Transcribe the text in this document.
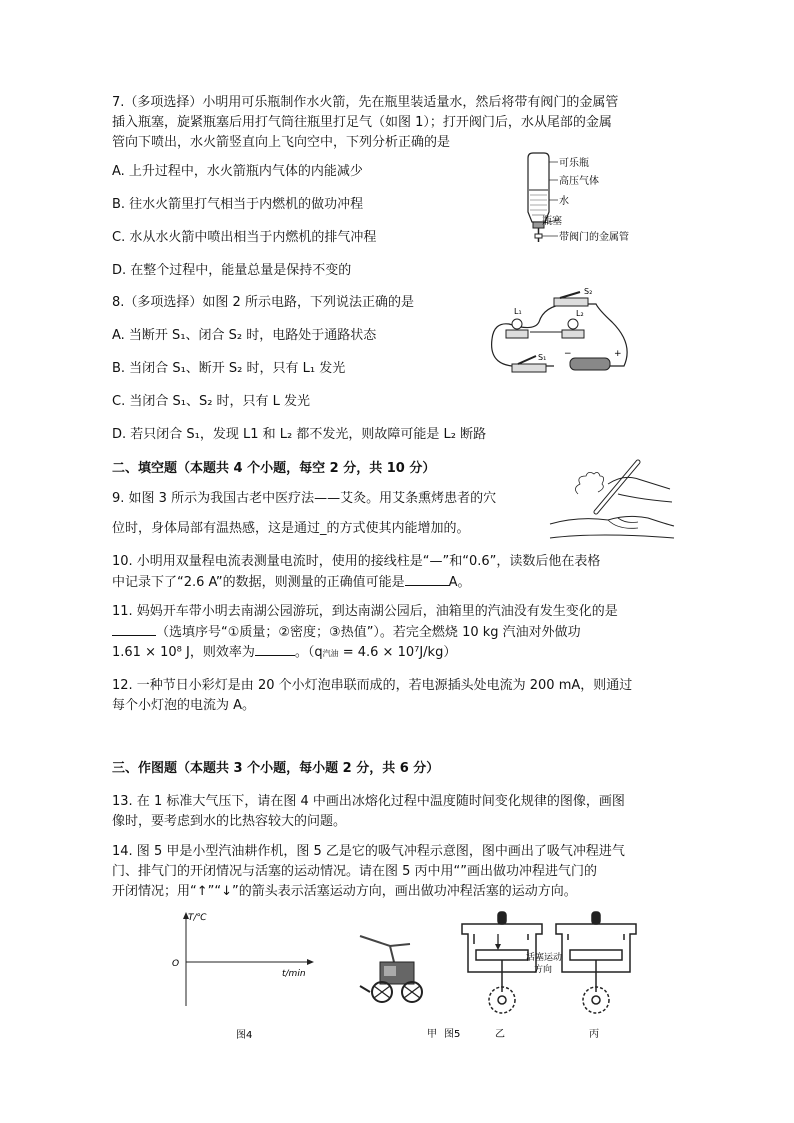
7.（多项选择）小明用可乐瓶制作水火箭，先在瓶里装适量水，然后将带有阀门的金属管
插入瓶塞，旋紧瓶塞后用打气筒往瓶里打足气（如图 1）；打开阀门后，水从尾部的金属
管向下喷出，水火箭竖直向上飞向空中，下列分析正确的是
A. 上升过程中，水火箭瓶内气体的内能减少
B. 往水火箭里打气相当于内燃机的做功冲程
C. 水从水火箭中喷出相当于内燃机的排气冲程
D. 在整个过程中，能量总量是保持不变的
可乐瓶
高压气体
水
瓶塞
带阀门的金属管
8.（多项选择）如图 2 所示电路，下列说法正确的是
A. 当断开 S₁、闭合 S₂ 时，电路处于通路状态
B. 当闭合 S₁、断开 S₂ 时，只有 L₁ 发光
C. 当闭合 S₁、S₂ 时，只有 L 发光
D. 若只闭合 S₁，发现 L1 和 L₂ 都不发光，则故障可能是 L₂ 断路
S₂
L₁	L₂
S₁ −	+
二、填空题（本题共 4 个小题，每空 2 分，共 10 分）
9. 如图 3 所示为我国古老中医疗法——艾灸。用艾条熏烤患者的穴
位时，身体局部有温热感，这是通过_的方式使其内能增加的。
10. 小明用双量程电流表测量电流时，使用的接线柱是“—”和“0.6”，读数后他在表格
中记录下了“2.6 A”的数据，则测量的正确值可能是	A。
11. 妈妈开车带小明去南湖公园游玩，到达南湖公园后，油箱里的汽油没有发生变化的是
（选填序号“①质量；②密度；③热值”）。若完全燃烧 10 kg 汽油对外做功
1.61 × 10⁸ J，则效率为	。（q汽油 = 4.6 × 10⁷J/kg）
12. 一种节日小彩灯是由 20 个小灯泡串联而成的，若电源插头处电流为 200 mA，则通过
每个小灯泡的电流为 A。
三、作图题（本题共 3 个小题，每小题 2 分，共 6 分）
13. 在 1 标准大气压下，请在图 4 中画出冰熔化过程中温度随时间变化规律的图像，画图
像时，要考虑到水的比热容较大的问题。
14. 图 5 甲是小型汽油耕作机，图 5 乙是它的吸气冲程示意图，图中画出了吸气冲程进气
门、排气门的开闭情况与活塞的运动情况。请在图 5 丙中用“”画出做功冲程进气门的
开闭情况；用“↑”“↓”的箭头表示活塞运动方向，画出做功冲程活塞的运动方向。
T/℃
O
t/min
图4	甲	乙
活塞运动
方向
丙
图5
